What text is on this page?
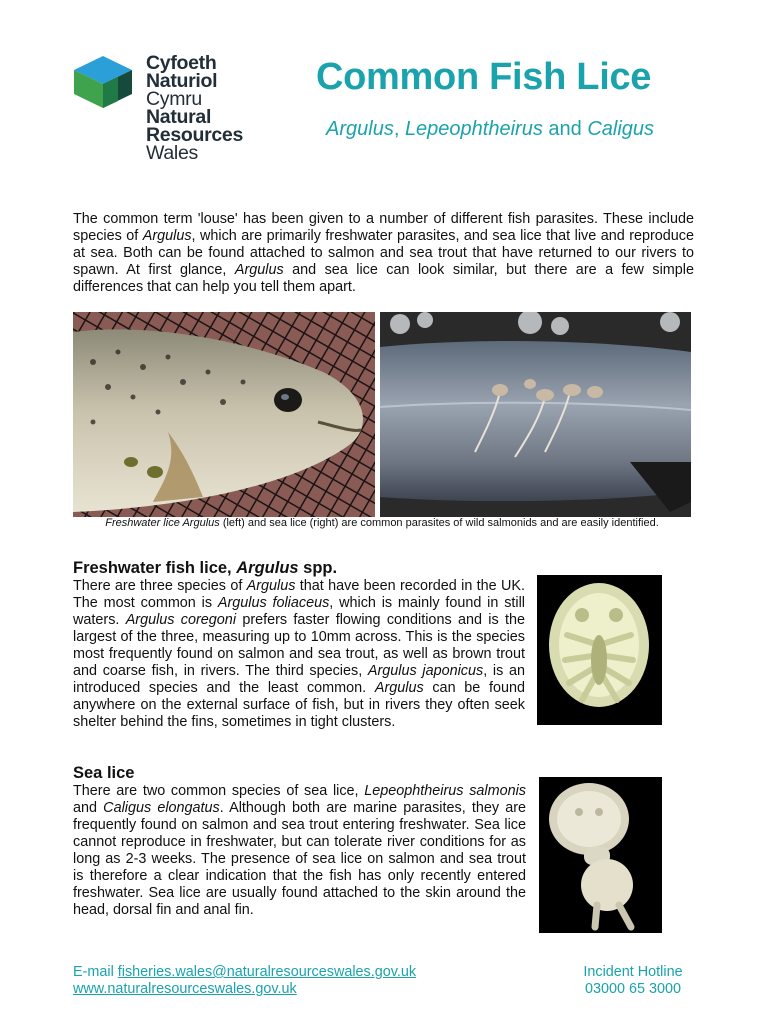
Cyfoeth
Naturiol
Cymru
Natural
Resources
Wales
Common Fish Lice
Argulus, Lepeophtheirus and Caligus

The common term 'louse' has been given to a number of different fish parasites. These include species of Argulus, which are primarily freshwater parasites, and sea lice that live and reproduce at sea. Both can be found attached to salmon and sea trout that have returned to our rivers to spawn. At first glance, Argulus and sea lice can look similar, but there are a few simple differences that can help you tell them apart.

Freshwater lice Argulus (left) and sea lice (right) are common parasites of wild salmonids and are easily identified.

Freshwater fish lice, Argulus spp.

There are three species of Argulus that have been recorded in the UK. The most common is Argulus foliaceus, which is mainly found in still waters. Argulus coregoni prefers faster flowing conditions and is the largest of the three, measuring up to 10mm across. This is the species most frequently found on salmon and sea trout, as well as brown trout and coarse fish, in rivers. The third species, Argulus japonicus, is an introduced species and the least common. Argulus can be found anywhere on the external surface of fish, but in rivers they often seek shelter behind the fins, sometimes in tight clusters.

Sea lice

There are two common species of sea lice, Lepeophtheirus salmonis and Caligus elongatus. Although both are marine parasites, they are frequently found on salmon and sea trout entering freshwater. Sea lice cannot reproduce in freshwater, but can tolerate river conditions for as long as 2-3 weeks. The presence of sea lice on salmon and sea trout is therefore a clear indication that the fish has only recently entered freshwater. Sea lice are usually found attached to the skin around the head, dorsal fin and anal fin.

E-mail fisheries.wales@naturalresourceswales.gov.uk
www.naturalresourceswales.gov.uk
Incident Hotline
03000 65 3000
